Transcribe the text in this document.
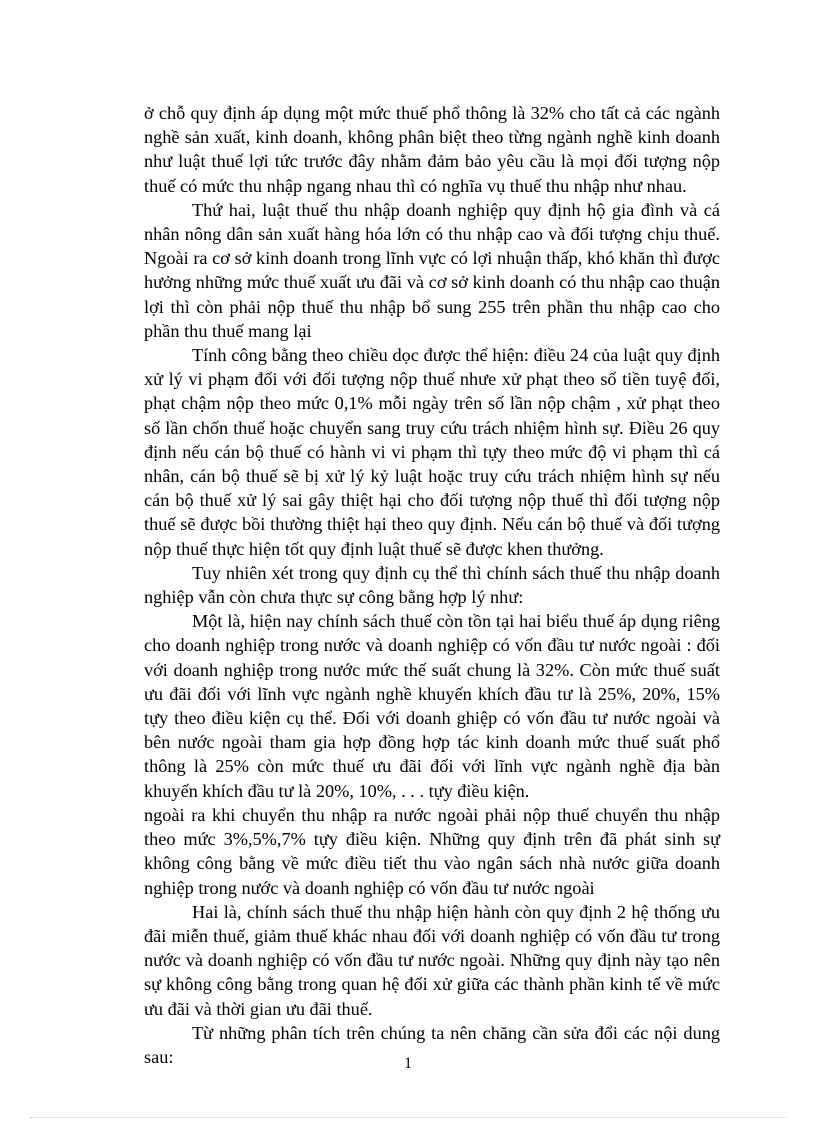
ở chỗ quy định áp dụng một mức thuế phổ thông là 32% cho tất cả các ngành nghề sản xuất, kinh doanh, không phân biệt theo từng ngành nghề kinh doanh như luật thuế lợi tức trước đây nhằm đảm bảo yêu cầu là mọi đối tượng nộp thuế có mức thu nhập ngang nhau thì có nghĩa vụ thuế thu nhập như nhau.

Thứ hai, luật thuế thu nhập doanh nghiệp quy định hộ gia đình và cá nhân nông dân sản xuất hàng hóa lớn có thu nhập cao và đối tượng chịu thuế. Ngoài ra cơ sở kinh doanh trong lĩnh vực có lợi nhuận thấp, khó khăn thì được hưởng những mức thuế xuất ưu đãi và cơ sở kinh doanh có thu nhập cao thuận lợi thì còn phải nộp thuế thu nhập bổ sung 255 trên phần thu nhập cao cho phần thu thuế mang lại

Tính công bằng theo chiều dọc được thể hiện: điều 24 của luật quy định xử lý vi phạm đối với đối tượng nộp thuế nhưe xử phạt theo số tiền tuyệ đối, phạt chậm nộp theo mức 0,1% mỗi ngày trên số lần nộp chậm , xử phạt theo số lần chốn thuế hoặc chuyển sang truy cứu trách nhiệm hình sự. Điều 26 quy định nếu cán bộ thuế có hành vi vi phạm thì tựy theo mức độ vi phạm thì cá nhân, cán bộ thuế sẽ bị xử lý kỷ luật hoặc truy cứu trách nhiệm hình sự nếu cán bộ thuế xử lý sai gây thiệt hại cho đối tượng nộp thuế thì đối tượng nộp thuế sẽ được bồi thường thiệt hại theo quy định. Nếu cán bộ thuế và đối tượng nộp thuế thực hiện tốt quy định luật thuế sẽ được khen thưởng.

Tuy nhiên xét trong quy định cụ thể thì chính sách thuế thu nhập doanh nghiệp vẫn còn chưa thực sự công bằng hợp lý như:

Một là, hiện nay chính sách thuế còn tồn tại hai biểu thuế áp dụng riêng cho doanh nghiệp trong nước và doanh nghiệp có vốn đầu tư nước ngoài : đối với doanh nghiệp trong nước mức thế suất chung là 32%. Còn mức thuế suất ưu đãi đối với lĩnh vực ngành nghề khuyến khích đầu tư là 25%, 20%, 15% tựy theo điều kiện cụ thể. Đối với doanh ghiệp có vốn đầu tư nước ngoài và bên nước ngoài tham gia hợp đồng hợp tác kinh doanh mức thuế suất phổ thông là 25% còn mức thuế ưu đãi đối với lĩnh vực ngành nghề địa bàn khuyến khích đầu tư là 20%, 10%, . . . tựy điều kiện.
ngoài ra khi chuyển thu nhập ra nước ngoài phải nộp thuế chuyển thu nhập theo mức 3%,5%,7% tựy điều kiện. Những quy định trên đã phát sinh sự không công bằng về mức điều tiết thu vào ngân sách nhà nước giữa doanh nghiệp trong nước và doanh nghiệp có vốn đầu tư nước ngoài

Hai là, chính sách thuế thu nhập hiện hành còn quy định 2 hệ thống ưu đãi miễn thuế, giảm thuế khác nhau đối với doanh nghiệp có vốn đầu tư trong nước và doanh nghiệp có vốn đầu tư nước ngoài. Những quy định này tạo nên sự không công bằng trong quan hệ đối xử giữa các thành phần kinh tế về mức ưu đãi và thời gian ưu đãi thuế.

Từ những phân tích trên chúng ta nên chăng cần sửa đổi các nội dung sau:	1
